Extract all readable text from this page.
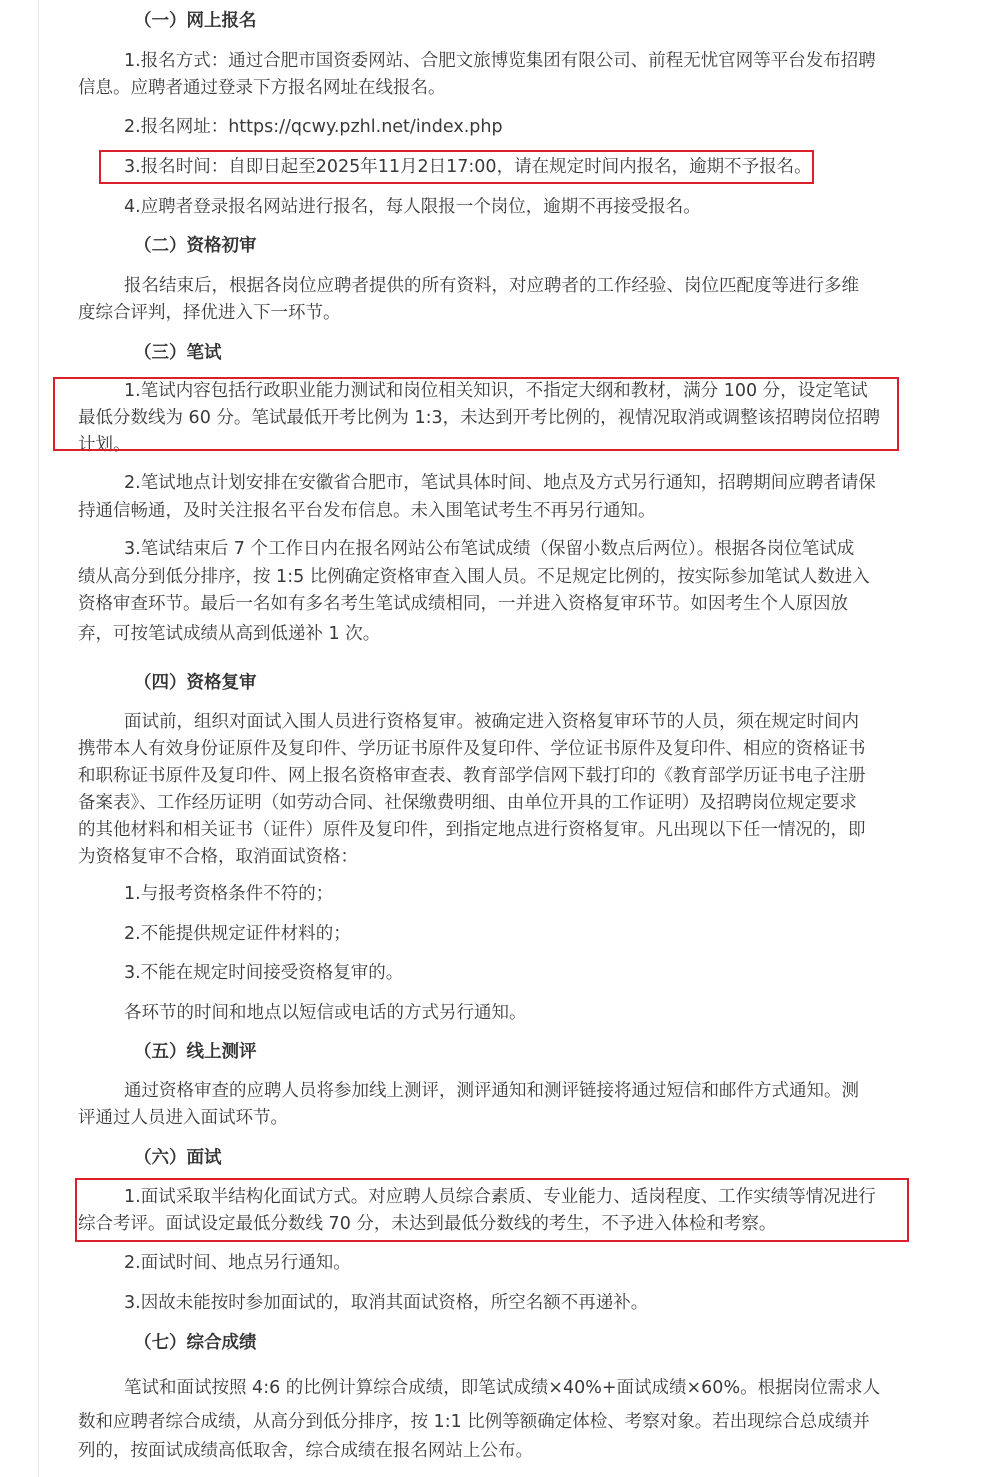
（一）网上报名

1.报名方式：通过合肥市国资委网站、合肥文旅博览集团有限公司、前程无忧官网等平台发布招聘

信息。应聘者通过登录下方报名网址在线报名。

2.报名网址：https://qcwy.pzhl.net/index.php

3.报名时间：自即日起至2025年11月2日17:00，请在规定时间内报名，逾期不予报名。

4.应聘者登录报名网站进行报名，每人限报一个岗位，逾期不再接受报名。

（二）资格初审

报名结束后，根据各岗位应聘者提供的所有资料，对应聘者的工作经验、岗位匹配度等进行多维

度综合评判，择优进入下一环节。

（三）笔试

1.笔试内容包括行政职业能力测试和岗位相关知识，不指定大纲和教材，满分 100 分，设定笔试

最低分数线为 60 分。笔试最低开考比例为 1:3，未达到开考比例的，视情况取消或调整该招聘岗位招聘

计划。

2.笔试地点计划安排在安徽省合肥市，笔试具体时间、地点及方式另行通知，招聘期间应聘者请保

持通信畅通，及时关注报名平台发布信息。未入围笔试考生不再另行通知。

3.笔试结束后 7 个工作日内在报名网站公布笔试成绩（保留小数点后两位）。根据各岗位笔试成

绩从高分到低分排序，按 1:5 比例确定资格审查入围人员。不足规定比例的，按实际参加笔试人数进入

资格审查环节。最后一名如有多名考生笔试成绩相同，一并进入资格复审环节。如因考生个人原因放

弃，可按笔试成绩从高到低递补 1 次。

（四）资格复审

面试前，组织对面试入围人员进行资格复审。被确定进入资格复审环节的人员，须在规定时间内

携带本人有效身份证原件及复印件、学历证书原件及复印件、学位证书原件及复印件、相应的资格证书

和职称证书原件及复印件、网上报名资格审查表、教育部学信网下载打印的《教育部学历证书电子注册

备案表》、工作经历证明（如劳动合同、社保缴费明细、由单位开具的工作证明）及招聘岗位规定要求

的其他材料和相关证书（证件）原件及复印件，到指定地点进行资格复审。凡出现以下任一情况的，即

为资格复审不合格，取消面试资格：

1.与报考资格条件不符的；

2.不能提供规定证件材料的；

3.不能在规定时间接受资格复审的。

各环节的时间和地点以短信或电话的方式另行通知。

（五）线上测评

通过资格审查的应聘人员将参加线上测评，测评通知和测评链接将通过短信和邮件方式通知。测

评通过人员进入面试环节。

（六）面试

1.面试采取半结构化面试方式。对应聘人员综合素质、专业能力、适岗程度、工作实绩等情况进行

综合考评。面试设定最低分数线 70 分，未达到最低分数线的考生，不予进入体检和考察。

2.面试时间、地点另行通知。

3.因故未能按时参加面试的，取消其面试资格，所空名额不再递补。

（七）综合成绩

笔试和面试按照 4:6 的比例计算综合成绩，即笔试成绩×40%+面试成绩×60%。根据岗位需求人

数和应聘者综合成绩，从高分到低分排序，按 1:1 比例等额确定体检、考察对象。若出现综合总成绩并

列的，按面试成绩高低取舍，综合成绩在报名网站上公布。
